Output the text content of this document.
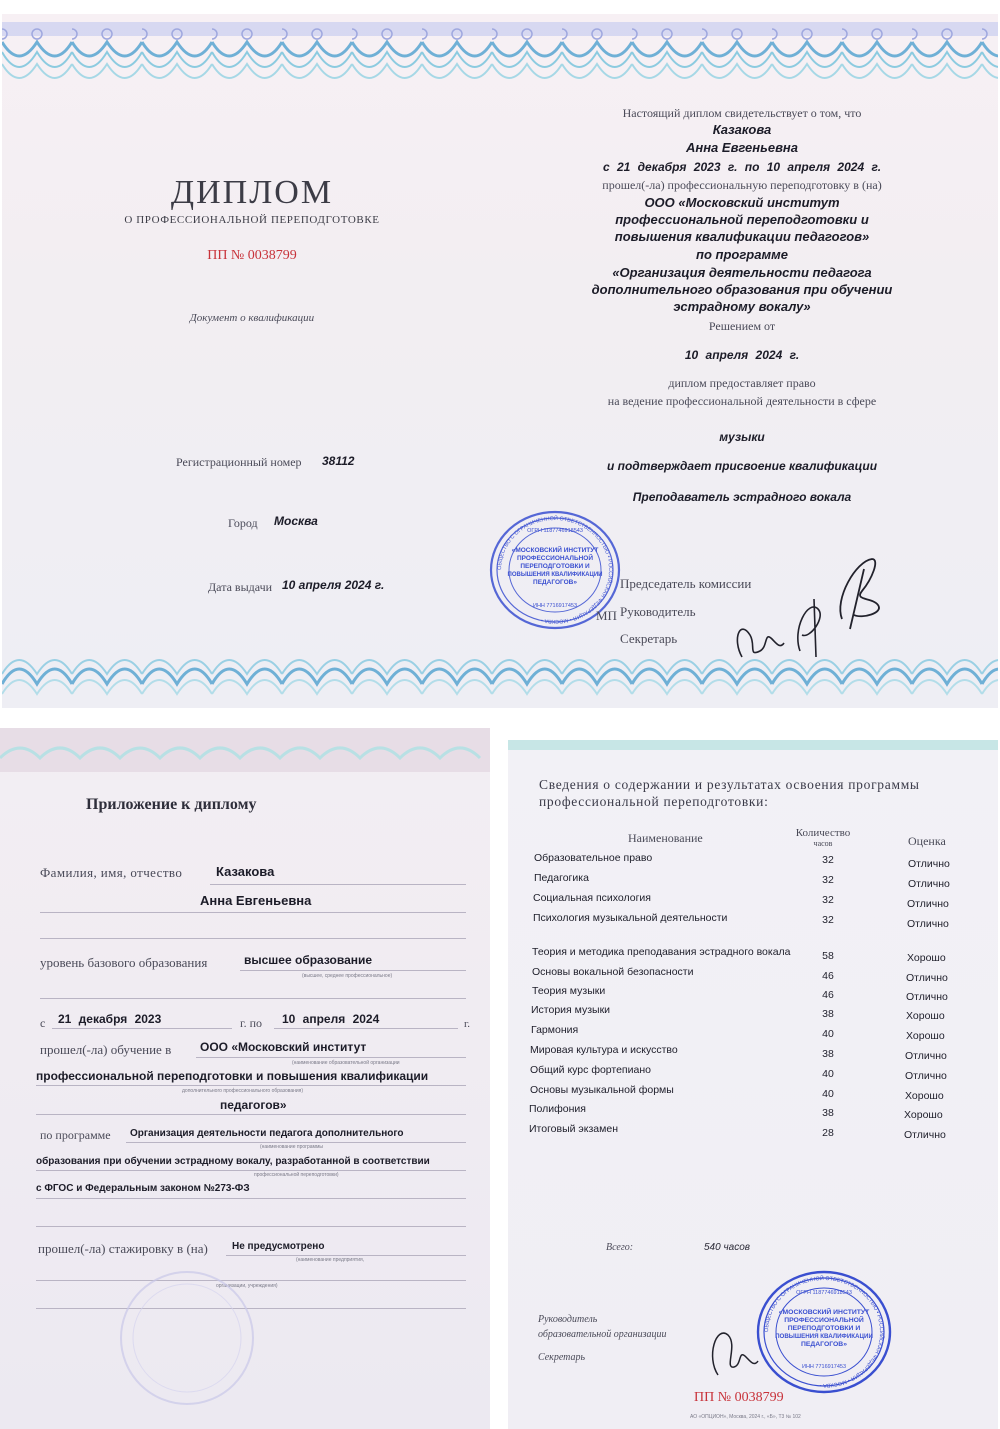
ДИПЛОМ
О ПРОФЕССИОНАЛЬНОЙ ПЕРЕПОДГОТОВКЕ
ПП № 0038799
Документ о квалификации
Регистрационный номер 38112
Город Москва
Дата выдачи 10 апреля 2024 г.
Настоящий диплом свидетельствует о том, что
Казакова
Анна Евгеньевна
с 21 декабря 2023 г. по 10 апреля 2024 г.
прошел(-ла) профессиональную переподготовку в (на)
ООО «Московский институт
профессиональной переподготовки и
повышения квалификации педагогов»
по программе
«Организация деятельности педагога
дополнительного образования при обучении
эстрадному вокалу»
Решением от
10 апреля 2024 г.
диплом предоставляет право
на ведение профессиональной деятельности в сфере
музыки
и подтверждает присвоение квалификации
Преподаватель эстрадного вокала
ОБЩЕСТВО С ОГРАНИЧЕННОЙ ОТВЕТСТВЕННОСТЬЮ • РОССИЙСКАЯ ФЕДЕРАЦИЯ • МОСКВА •
«МОСКОВСКИЙ ИНСТИТУТ
ПРОФЕССИОНАЛЬНОЙ
ПЕРЕПОДГОТОВКИ И
ПОВЫШЕНИЯ КВАЛИФИКАЦИИ
ПЕДАГОГОВ»
ОГРН 1187746918543
ИНН 7716917453
МП
Председатель комиссии
Руководитель
Секретарь
Приложение к диплому
Фамилия, имя, отчество	Казакова
Анна Евгеньевна
уровень базового образования	высшее образование
(высшее, среднее профессиональное)
с 21 декабря 2023	г. по 10 апреля 2024	г.
прошел(-ла) обучение в ООО «Московский институт
(наименование образовательной организации
профессиональной переподготовки и повышения квалификации
дополнительного профессионального образования)
педагогов»
по программе Организация деятельности педагога дополнительного
(наименование программы
образования при обучении эстрадному вокалу, разработанной в соответствии
профессиональной переподготовки)
с ФГОС и Федеральным законом №273-ФЗ
прошел(-ла) стажировку в (на) Не предусмотрено
(наименование предприятия,
организации, учреждения)
Сведения о содержании и результатах освоения программы
профессиональной переподготовки:
Наименование	Количество
часов	Оценка
Образовательное право	32	Отлично
Педагогика	32	Отлично
Социальная психология	32	Отлично
Психология музыкальной деятельности	32	Отлично
Теория и методика преподавания эстрадного вокала	58	Хорошо
Основы вокальной безопасности	46	Отлично
Теория музыки	46	Отлично
История музыки	38	Хорошо
Гармония	40	Хорошо
Мировая культура и искусство	38	Отлично
Общий курс фортепиано	40	Отлично
Основы музыкальной формы	40	Хорошо
Полифония	38	Хорошо
Итоговый экзамен	28	Отлично
Всего:	540 часов
Руководитель
образовательной организации
Секретарь
ОБЩЕСТВО С ОГРАНИЧЕННОЙ ОТВЕТСТВЕННОСТЬЮ • РОССИЙСКАЯ ФЕДЕРАЦИЯ • МОСКВА •
«МОСКОВСКИЙ ИНСТИТУТ
ПРОФЕССИОНАЛЬНОЙ
ПЕРЕПОДГОТОВКИ И
ПОВЫШЕНИЯ КВАЛИФИКАЦИИ
ПЕДАГОГОВ»
ОГРН 1187746918543
ИНН 7716917453
ПП № 0038799
АО «ОПЦИОН», Москва, 2024 г., «Б», Т3 № 102
